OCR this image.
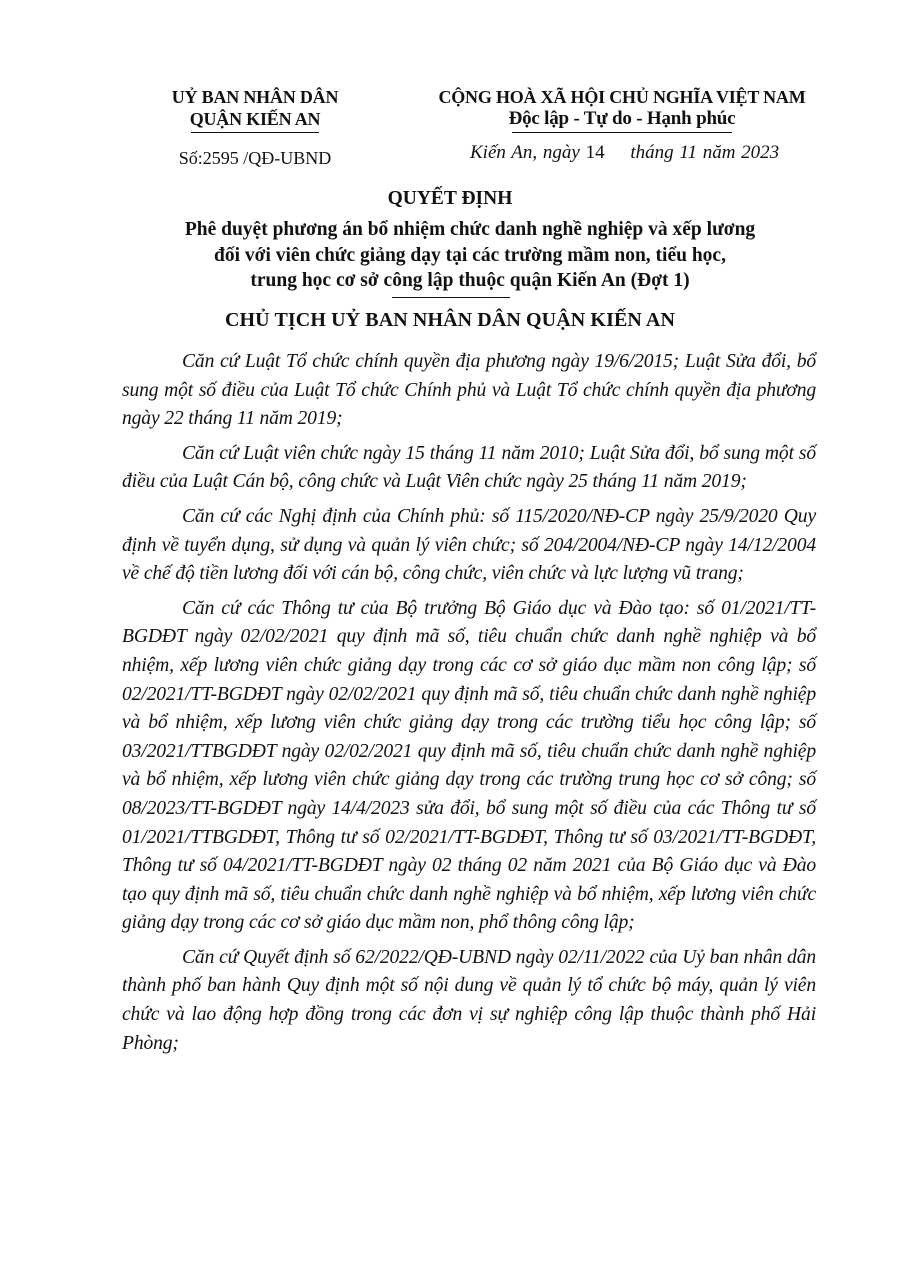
UỶ BAN NHÂN DÂN
QUẬN KIẾN AN
CỘNG HOÀ XÃ HỘI CHỦ NGHĨA VIỆT NAM
Độc lập - Tự do - Hạnh phúc
Số:2595 /QĐ-UBND	Kiến An, ngày 14 tháng 11 năm 2023
QUYẾT ĐỊNH
Phê duyệt phương án bổ nhiệm chức danh nghề nghiệp và xếp lương
đối với viên chức giảng dạy tại các trường mầm non, tiểu học,
trung học cơ sở công lập thuộc quận Kiến An (Đợt 1)
CHỦ TỊCH UỶ BAN NHÂN DÂN QUẬN KIẾN AN

Căn cứ Luật Tổ chức chính quyền địa phương ngày 19/6/2015; Luật Sửa đổi, bổ sung một số điều của Luật Tổ chức Chính phủ và Luật Tổ chức chính quyền địa phương ngày 22 tháng 11 năm 2019;

Căn cứ Luật viên chức ngày 15 tháng 11 năm 2010; Luật Sửa đổi, bổ sung một số điều của Luật Cán bộ, công chức và Luật Viên chức ngày 25 tháng 11 năm 2019;

Căn cứ các Nghị định của Chính phủ: số 115/2020/NĐ-CP ngày 25/9/2020 Quy định về tuyển dụng, sử dụng và quản lý viên chức; số 204/2004/NĐ-CP ngày 14/12/2004 về chế độ tiền lương đối với cán bộ, công chức, viên chức và lực lượng vũ trang;

Căn cứ các Thông tư của Bộ trưởng Bộ Giáo dục và Đào tạo: số 01/2021/TT-BGDĐT ngày 02/02/2021 quy định mã số, tiêu chuẩn chức danh nghề nghiệp và bổ nhiệm, xếp lương viên chức giảng dạy trong các cơ sở giáo dục mầm non công lập; số 02/2021/TT-BGDĐT ngày 02/02/2021 quy định mã số, tiêu chuẩn chức danh nghề nghiệp và bổ nhiệm, xếp lương viên chức giảng dạy trong các trường tiểu học công lập; số 03/2021/TTBGDĐT ngày 02/02/2021 quy định mã số, tiêu chuẩn chức danh nghề nghiệp và bổ nhiệm, xếp lương viên chức giảng dạy trong các trường trung học cơ sở công; số 08/2023/TT-BGDĐT ngày 14/4/2023 sửa đổi, bổ sung một số điều của các Thông tư số 01/2021/TTBGDĐT, Thông tư số 02/2021/TT-BGDĐT, Thông tư số 03/2021/TT-BGDĐT, Thông tư số 04/2021/TT-BGDĐT ngày 02 tháng 02 năm 2021 của Bộ Giáo dục và Đào tạo quy định mã số, tiêu chuẩn chức danh nghề nghiệp và bổ nhiệm, xếp lương viên chức giảng dạy trong các cơ sở giáo dục mầm non, phổ thông công lập;

Căn cứ Quyết định số 62/2022/QĐ-UBND ngày 02/11/2022 của Uỷ ban nhân dân thành phố ban hành Quy định một số nội dung về quản lý tổ chức bộ máy, quản lý viên chức và lao động hợp đồng trong các đơn vị sự nghiệp công lập thuộc thành phố Hải Phòng;
